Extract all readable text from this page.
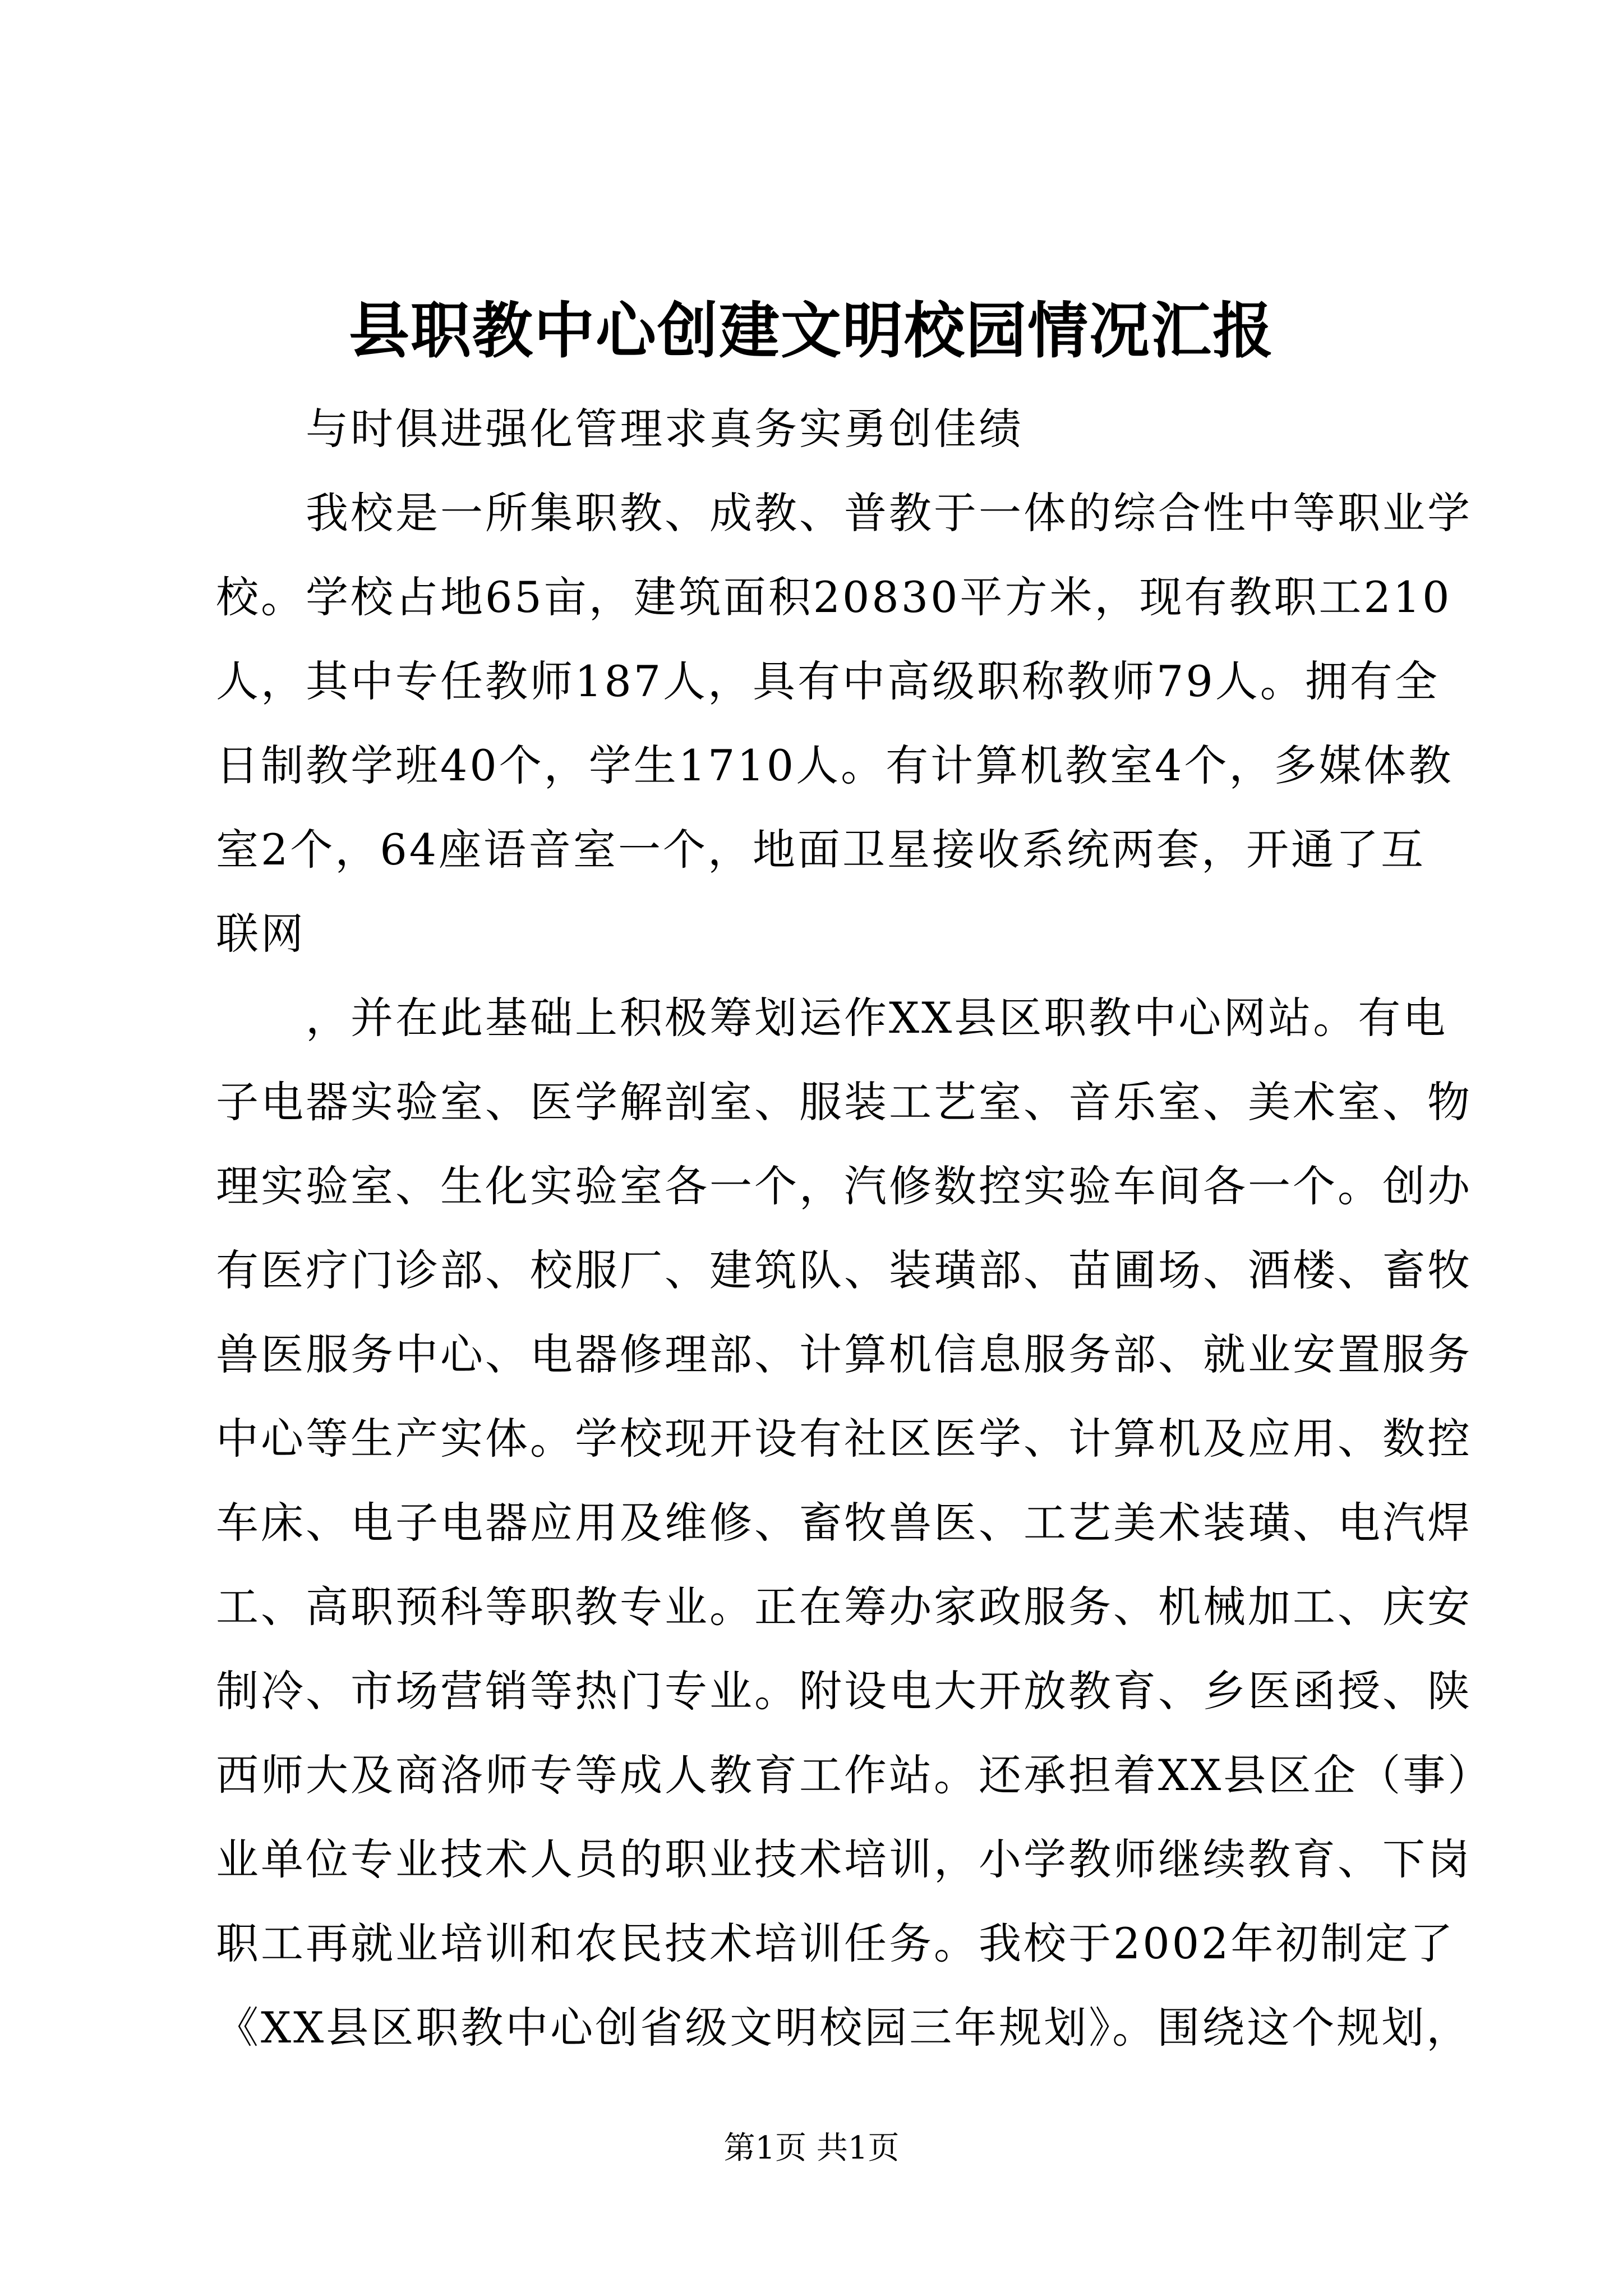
县职教中心创建文明校园情况汇报
与时俱进强化管理求真务实勇创佳绩
我校是一所集职教、成教、普教于一体的综合性中等职业学
校。学校占地65亩，建筑面积20830平方米，现有教职工210
人，其中专任教师187人，具有中高级职称教师79人。拥有全
日制教学班40个，学生1710人。有计算机教室4个，多媒体教
室2个，64座语音室一个，地面卫星接收系统两套，开通了互
联网
，并在此基础上积极筹划运作XX县区职教中心网站。有电
子电器实验室、医学解剖室、服装工艺室、音乐室、美术室、物
理实验室、生化实验室各一个，汽修数控实验车间各一个。创办
有医疗门诊部、校服厂、建筑队、装璜部、苗圃场、酒楼、畜牧
兽医服务中心、电器修理部、计算机信息服务部、就业安置服务
中心等生产实体。学校现开设有社区医学、计算机及应用、数控
车床、电子电器应用及维修、畜牧兽医、工艺美术装璜、电汽焊
工、高职预科等职教专业。正在筹办家政服务、机械加工、庆安
制冷、市场营销等热门专业。附设电大开放教育、乡医函授、陕
西师大及商洛师专等成人教育工作站。还承担着XX县区企（事）
业单位专业技术人员的职业技术培训，小学教师继续教育、下岗
职工再就业培训和农民技术培训任务。我校于2002年初制定了
《XX县区职教中心创省级文明校园三年规划》。围绕这个规划，
第1页 共1页
